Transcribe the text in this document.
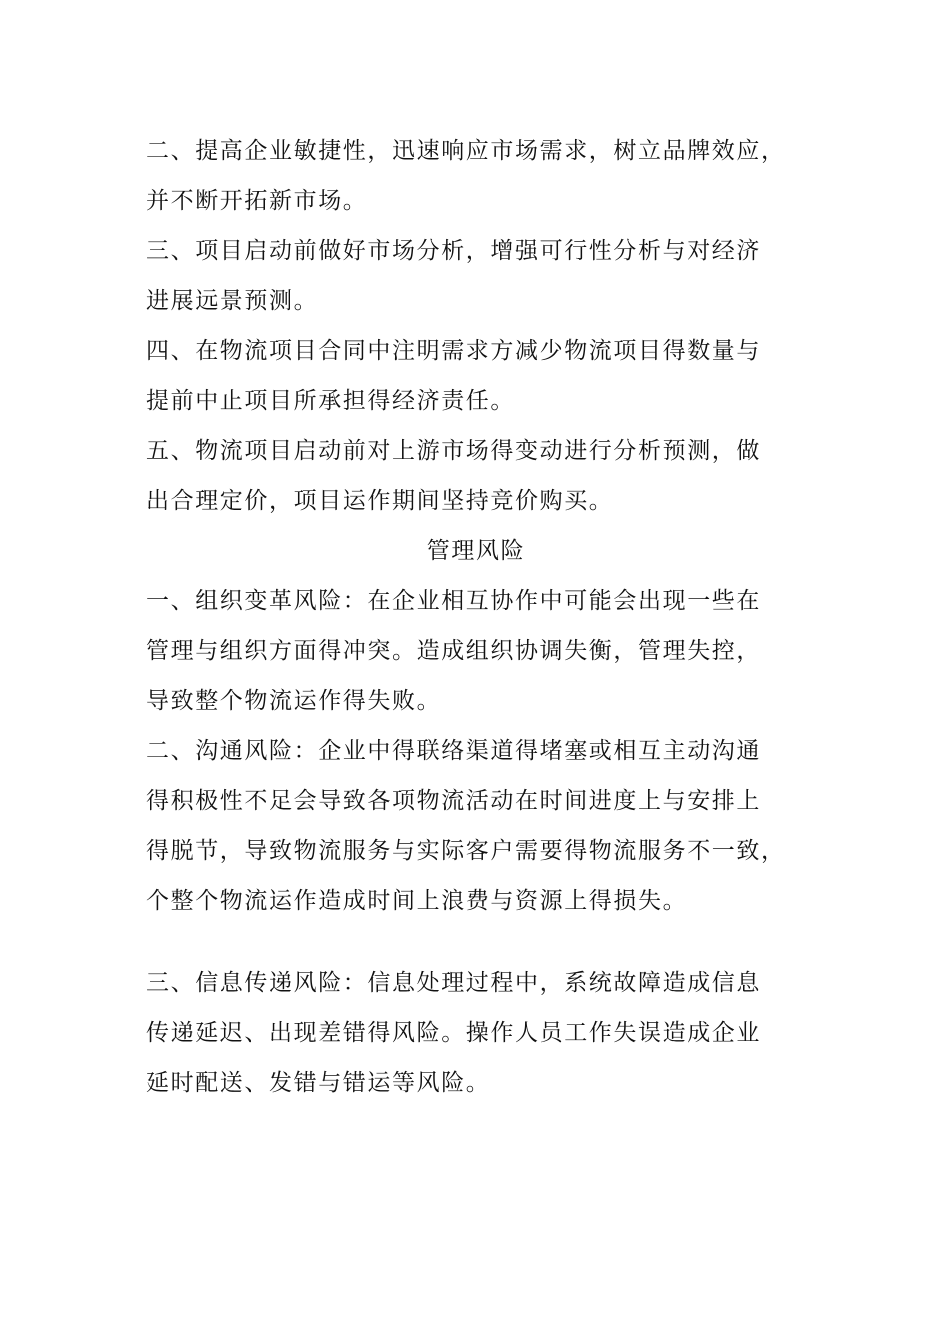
二、提高企业敏捷性，迅速响应市场需求，树立品牌效应，

并不断开拓新市场。

三、项目启动前做好市场分析，增强可行性分析与对经济

进展远景预测。

四、在物流项目合同中注明需求方减少物流项目得数量与

提前中止项目所承担得经济责任。

五、物流项目启动前对上游市场得变动进行分析预测，做

出合理定价，项目运作期间坚持竞价购买。

管理风险

一、组织变革风险：在企业相互协作中可能会出现一些在

管理与组织方面得冲突。造成组织协调失衡，管理失控，

导致整个物流运作得失败。

二、沟通风险：企业中得联络渠道得堵塞或相互主动沟通

得积极性不足会导致各项物流活动在时间进度上与安排上

得脱节，导致物流服务与实际客户需要得物流服务不一致，

个整个物流运作造成时间上浪费与资源上得损失。

三、信息传递风险：信息处理过程中，系统故障造成信息

传递延迟、出现差错得风险。操作人员工作失误造成企业

延时配送、发错与错运等风险。
